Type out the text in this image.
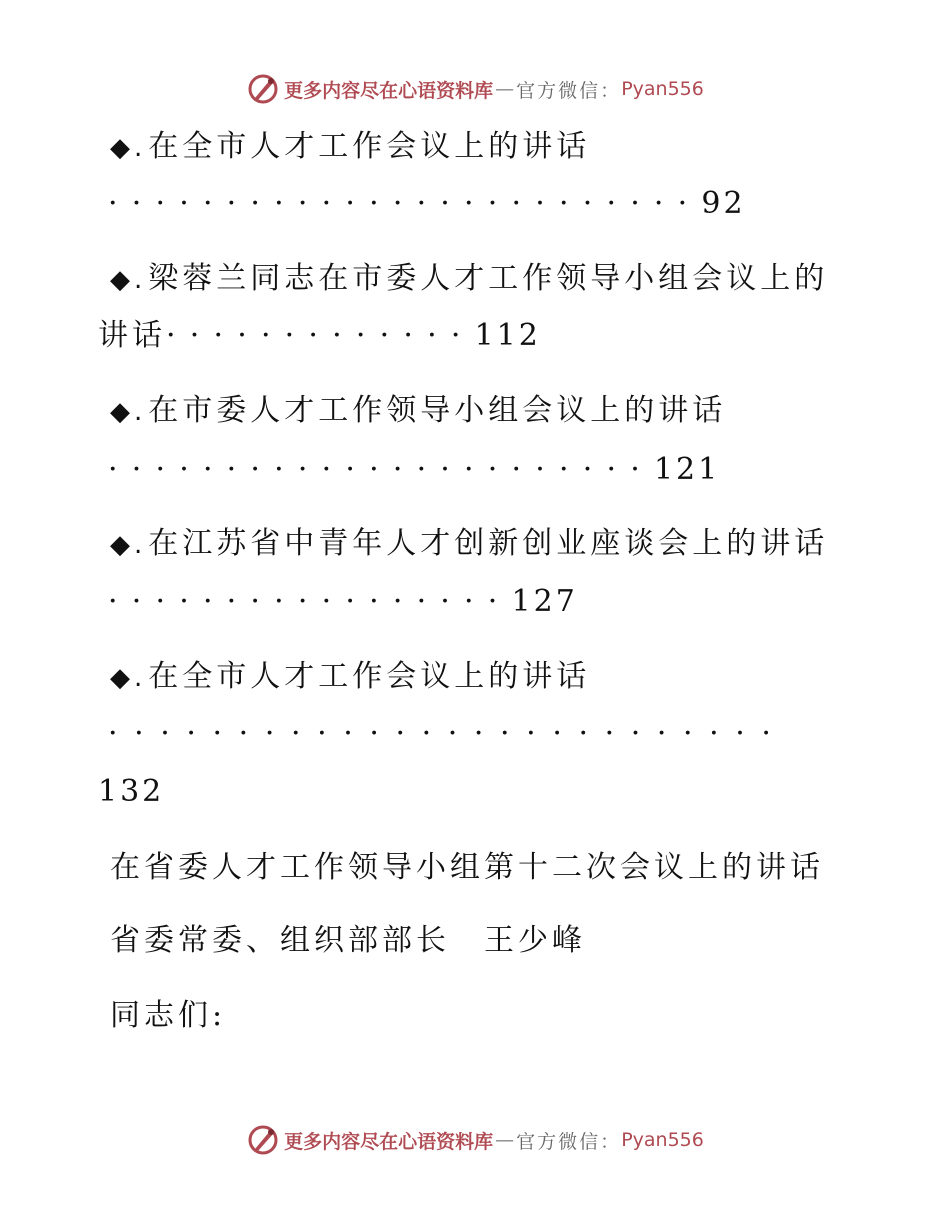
更多内容尽在心语资料库 — 官方微信： Pyan556
◆.在全市人才工作会议上的讲话
·························92
◆.梁蓉兰同志在市委人才工作领导小组会议上的
讲话·············112
◆.在市委人才工作领导小组会议上的讲话
·······················121
◆.在江苏省中青年人才创新创业座谈会上的讲话
·················127
◆.在全市人才工作会议上的讲话
··························
132
在省委人才工作领导小组第十二次会议上的讲话
省委常委、组织部部长　王少峰
同志们:
更多内容尽在心语资料库 — 官方微信： Pyan556
